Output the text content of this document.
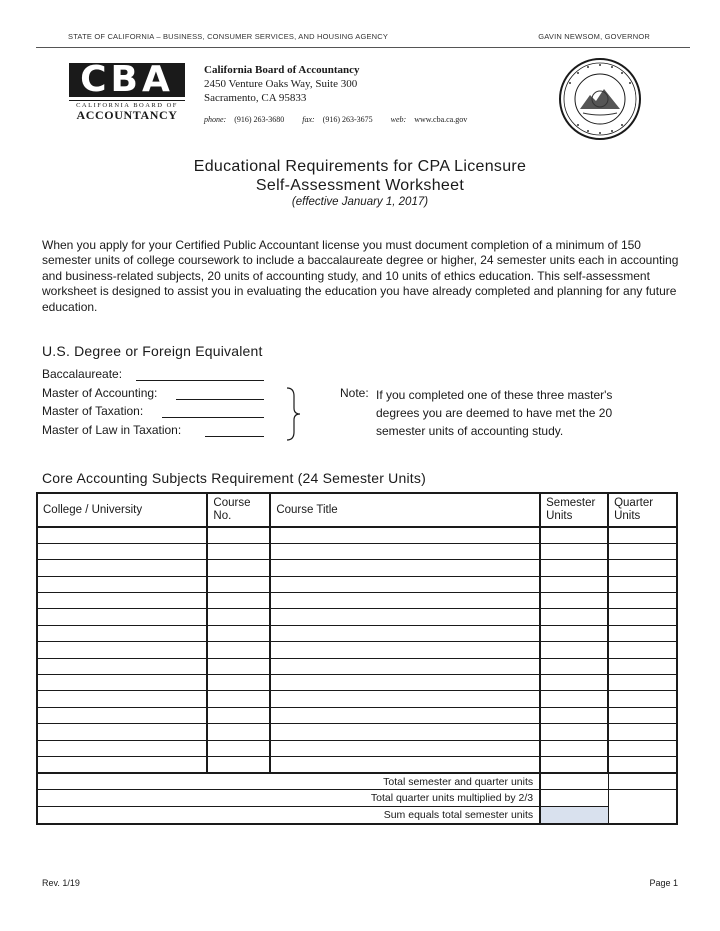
STATE OF CALIFORNIA – BUSINESS, CONSUMER SERVICES, AND HOUSING AGENCY	GAVIN NEWSOM, GOVERNOR
CBA
CALIFORNIA BOARD OF
ACCOUNTANCY
California Board of Accountancy
2450 Venture Oaks Way, Suite 300
Sacramento, CA 95833
phone: (916) 263-3680 fax: (916) 263-3675 web: www.cba.ca.gov
Educational Requirements for CPA Licensure
Self-Assessment Worksheet
(effective January 1, 2017)
When you apply for your Certified Public Accountant license you must document completion of a minimum of 150 semester units of college coursework to include a baccalaureate degree or higher, 24 semester units each in accounting and business-related subjects, 20 units of accounting study, and 10 units of ethics education. This self-assessment worksheet is designed to assist you in evaluating the education you have already completed and planning for any future education.
U.S. Degree or Foreign Equivalent
Baccalaureate:
Master of Accounting:
Master of Taxation:
Master of Law in Taxation:
Note: If you completed one of these three master's degrees you are deemed to have met the 20 semester units of accounting study.
Core Accounting Subjects Requirement (24 Semester Units)
College / University	Course No.	Course Title	Semester Units	Quarter Units

Total semester and quarter units				
Total quarter units multiplied by 2/3				
Sum equals total semester units				
Rev. 1/19	Page 1
